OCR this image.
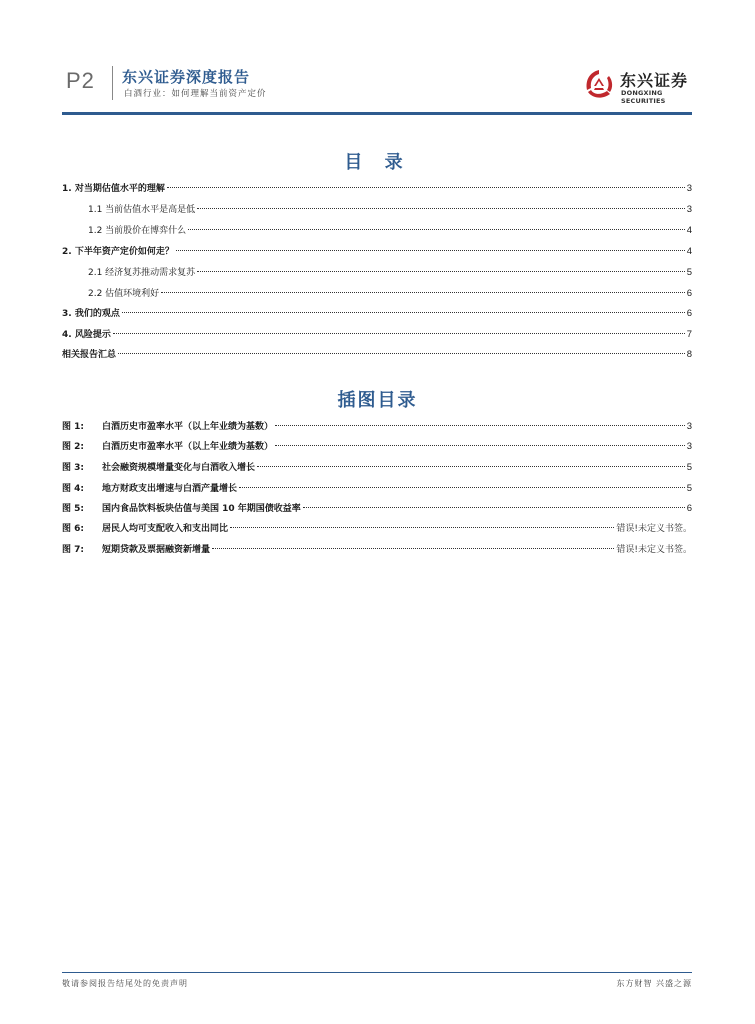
P2 东兴证券深度报告
白酒行业：如何理解当前资产定价
东兴证券
DONGXING SECURITIES
目 录
1. 对当期估值水平的理解	3
1.1 当前估值水平是高是低	3
1.2 当前股价在博弈什么	4
2. 下半年资产定价如何走？	4
2.1 经济复苏推动需求复苏	5
2.2 估值环境利好	6
3. 我们的观点	6
4. 风险提示	7
相关报告汇总	8
插图目录
图 1:	白酒历史市盈率水平（以上年业绩为基数）	3
图 2:	白酒历史市盈率水平（以上年业绩为基数）	3
图 3:	社会融资规模增量变化与白酒收入增长	5
图 4:	地方财政支出增速与白酒产量增长	5
图 5:	国内食品饮料板块估值与美国 10 年期国债收益率	6
图 6:	居民人均可支配收入和支出同比	错误!未定义书签。
图 7:	短期贷款及票据融资新增量	错误!未定义书签。
敬请参阅报告结尾处的免责声明	东方财智 兴盛之源
